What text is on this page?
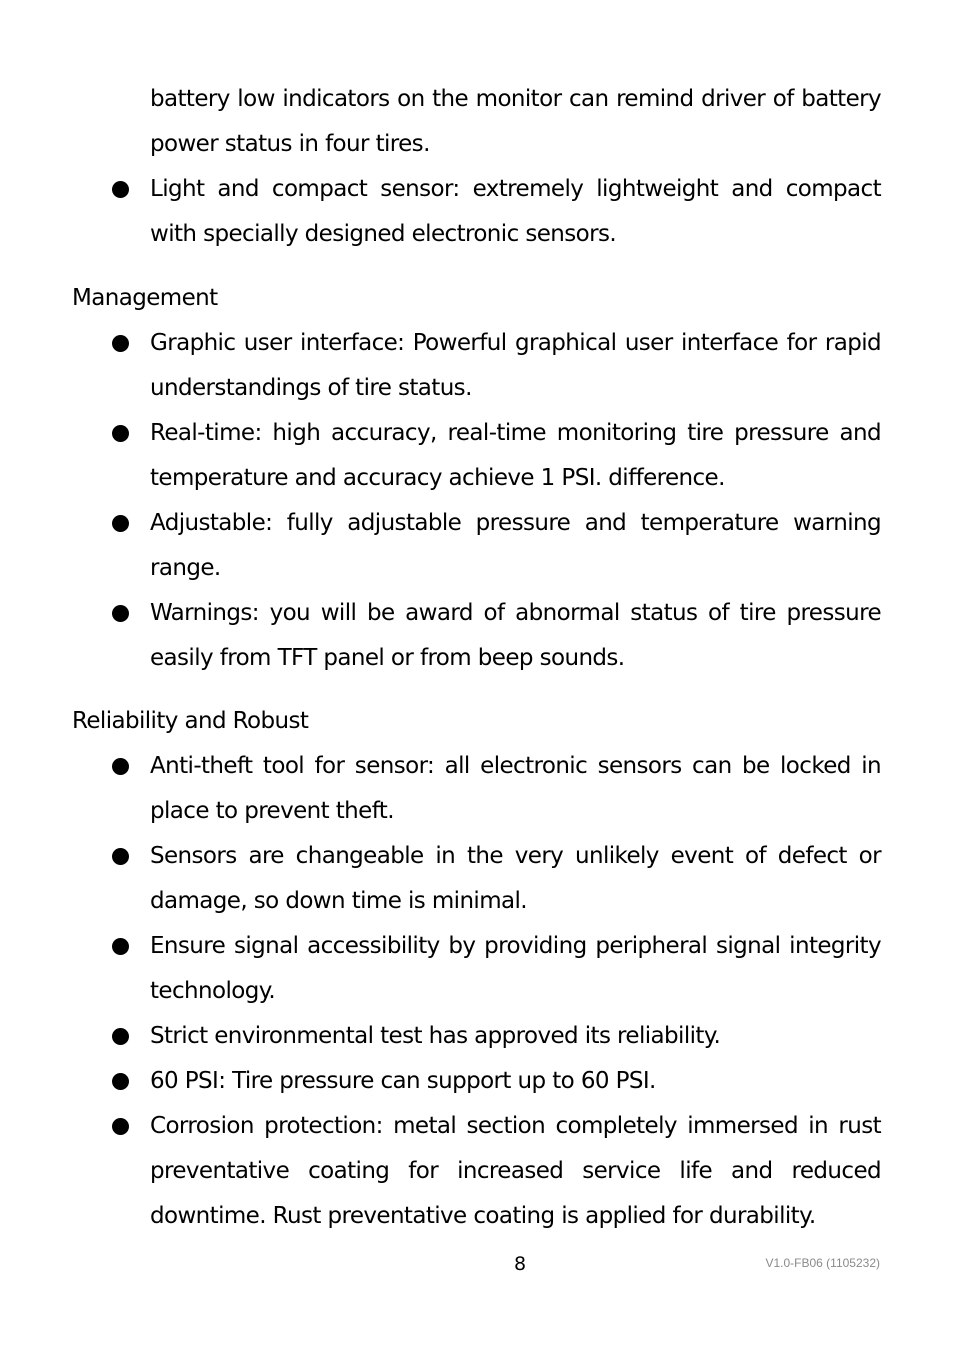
battery low indicators on the monitor can remind driver of battery power status in four tires.
Light and compact sensor: extremely lightweight and compact with specially designed electronic sensors.
Management
Graphic user interface: Powerful graphical user interface for rapid understandings of tire status.
Real-time: high accuracy, real-time monitoring tire pressure and temperature and accuracy achieve 1 PSI. difference.
Adjustable: fully adjustable pressure and temperature warning range.
Warnings: you will be award of abnormal status of tire pressure easily from TFT panel or from beep sounds.
Reliability and Robust
Anti-theft tool for sensor: all electronic sensors can be locked in place to prevent theft.
Sensors are changeable in the very unlikely event of defect or damage, so down time is minimal.
Ensure signal accessibility by providing peripheral signal integrity technology.
Strict environmental test has approved its reliability.
60 PSI: Tire pressure can support up to 60 PSI.
Corrosion protection: metal section completely immersed in rust preventative coating for increased service life and reduced downtime. Rust preventative coating is applied for durability.
8	V1.0-FB06 (1105232)
